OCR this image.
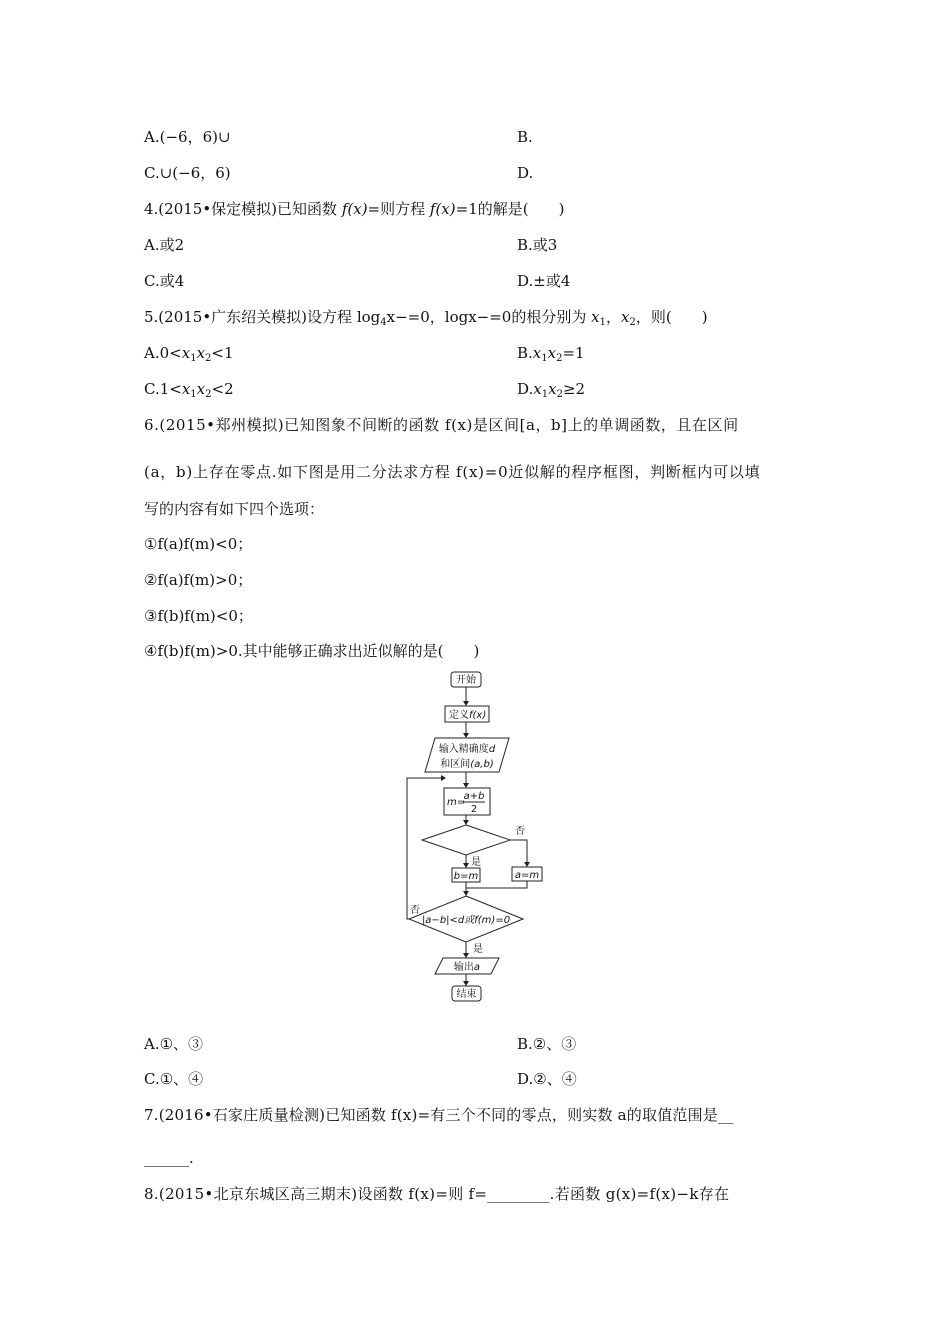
A.(−6，6)∪	B.
C.∪(−6，6)	D.
4.(2015•保定模拟)已知函数 f(x)=则方程 f(x)=1的解是(　　)
A.或2	B.或3
C.或4	D.±或4
5.(2015•广东绍关模拟)设方程 $\log_4x-=0$，logx−=0的根分别为 $x_1$，$x_2$，则(　　)
$A.0<x_1x_2<1$	$B.x_1x_2=1$
$C.1<x_1x_2<2$	$D.x_1x_2\ge 2$
6.(2015•郑州模拟)已知图象不间断的函数 f(x)是区间[a，b]上的单调函数，且在区间
(a，b)上存在零点.如下图是用二分法求方程 f(x)=0近似解的程序框图，判断框内可以填
写的内容有如下四个选项：
①f(a)f(m)<0；
②f(a)f(m)>0；
③f(b)f(m)<0；
④f(b)f(m)>0.其中能够正确求出近似解的是(　　)
开始
定义f(x)
输入精确度d
和区间(a,b)
m=
a+b
2
否
是
b=m	a=m
|a−b|<d或f(m)=0
否
是
输出a
结束
A.①、③	B.②、③
C.①、④	D.②、④
7.(2016•石家庄质量检测)已知函数 f(x)=有三个不同的零点，则实数 a的取值范围是__
______.
8.(2015•北京东城区高三期末)设函数 f(x)=则 f=________.若函数 g(x)=f(x)−k存在
